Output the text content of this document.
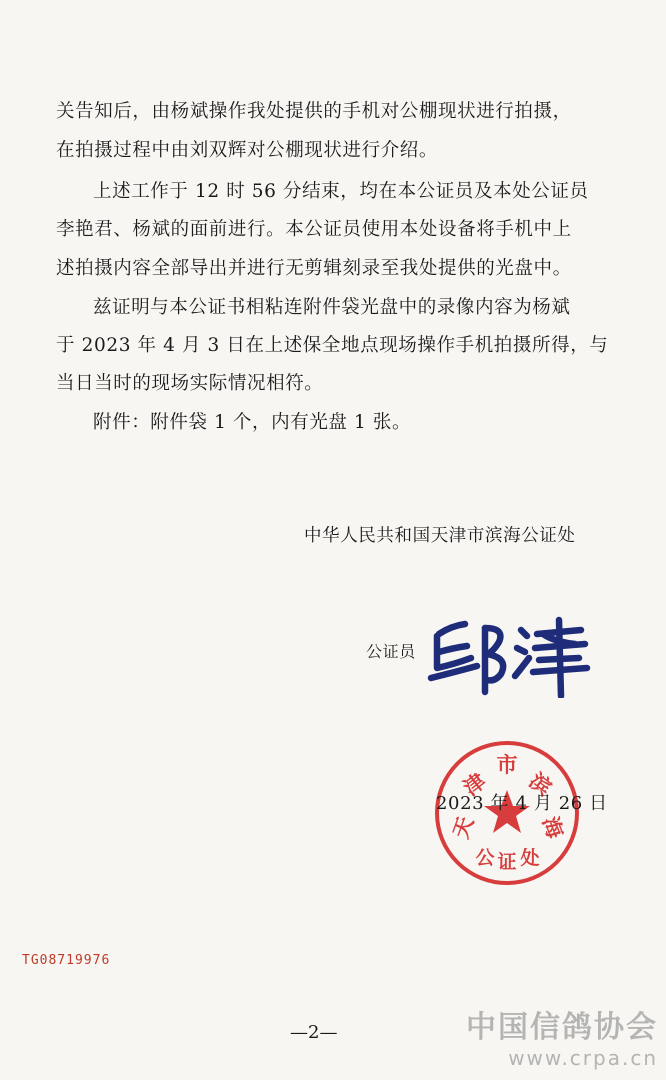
关告知后，由杨斌操作我处提供的手机对公棚现状进行拍摄，
在拍摄过程中由刘双辉对公棚现状进行介绍。
上述工作于 12 时 56 分结束，均在本公证员及本处公证员
李艳君、杨斌的面前进行。本公证员使用本处设备将手机中上
述拍摄内容全部导出并进行无剪辑刻录至我处提供的光盘中。
兹证明与本公证书相粘连附件袋光盘中的录像内容为杨斌
于 2023 年 4 月 3 日在上述保全地点现场操作手机拍摄所得，与
当日当时的现场实际情况相符。
附件：附件袋 1 个，内有光盘 1 张。
中华人民共和国天津市滨海公证处
公证员
天
津
市
滨
海
公 证 处
2023 年 4 月 26 日
TG08719976
—2—	中国信鸽协会
www.crpa.cn
